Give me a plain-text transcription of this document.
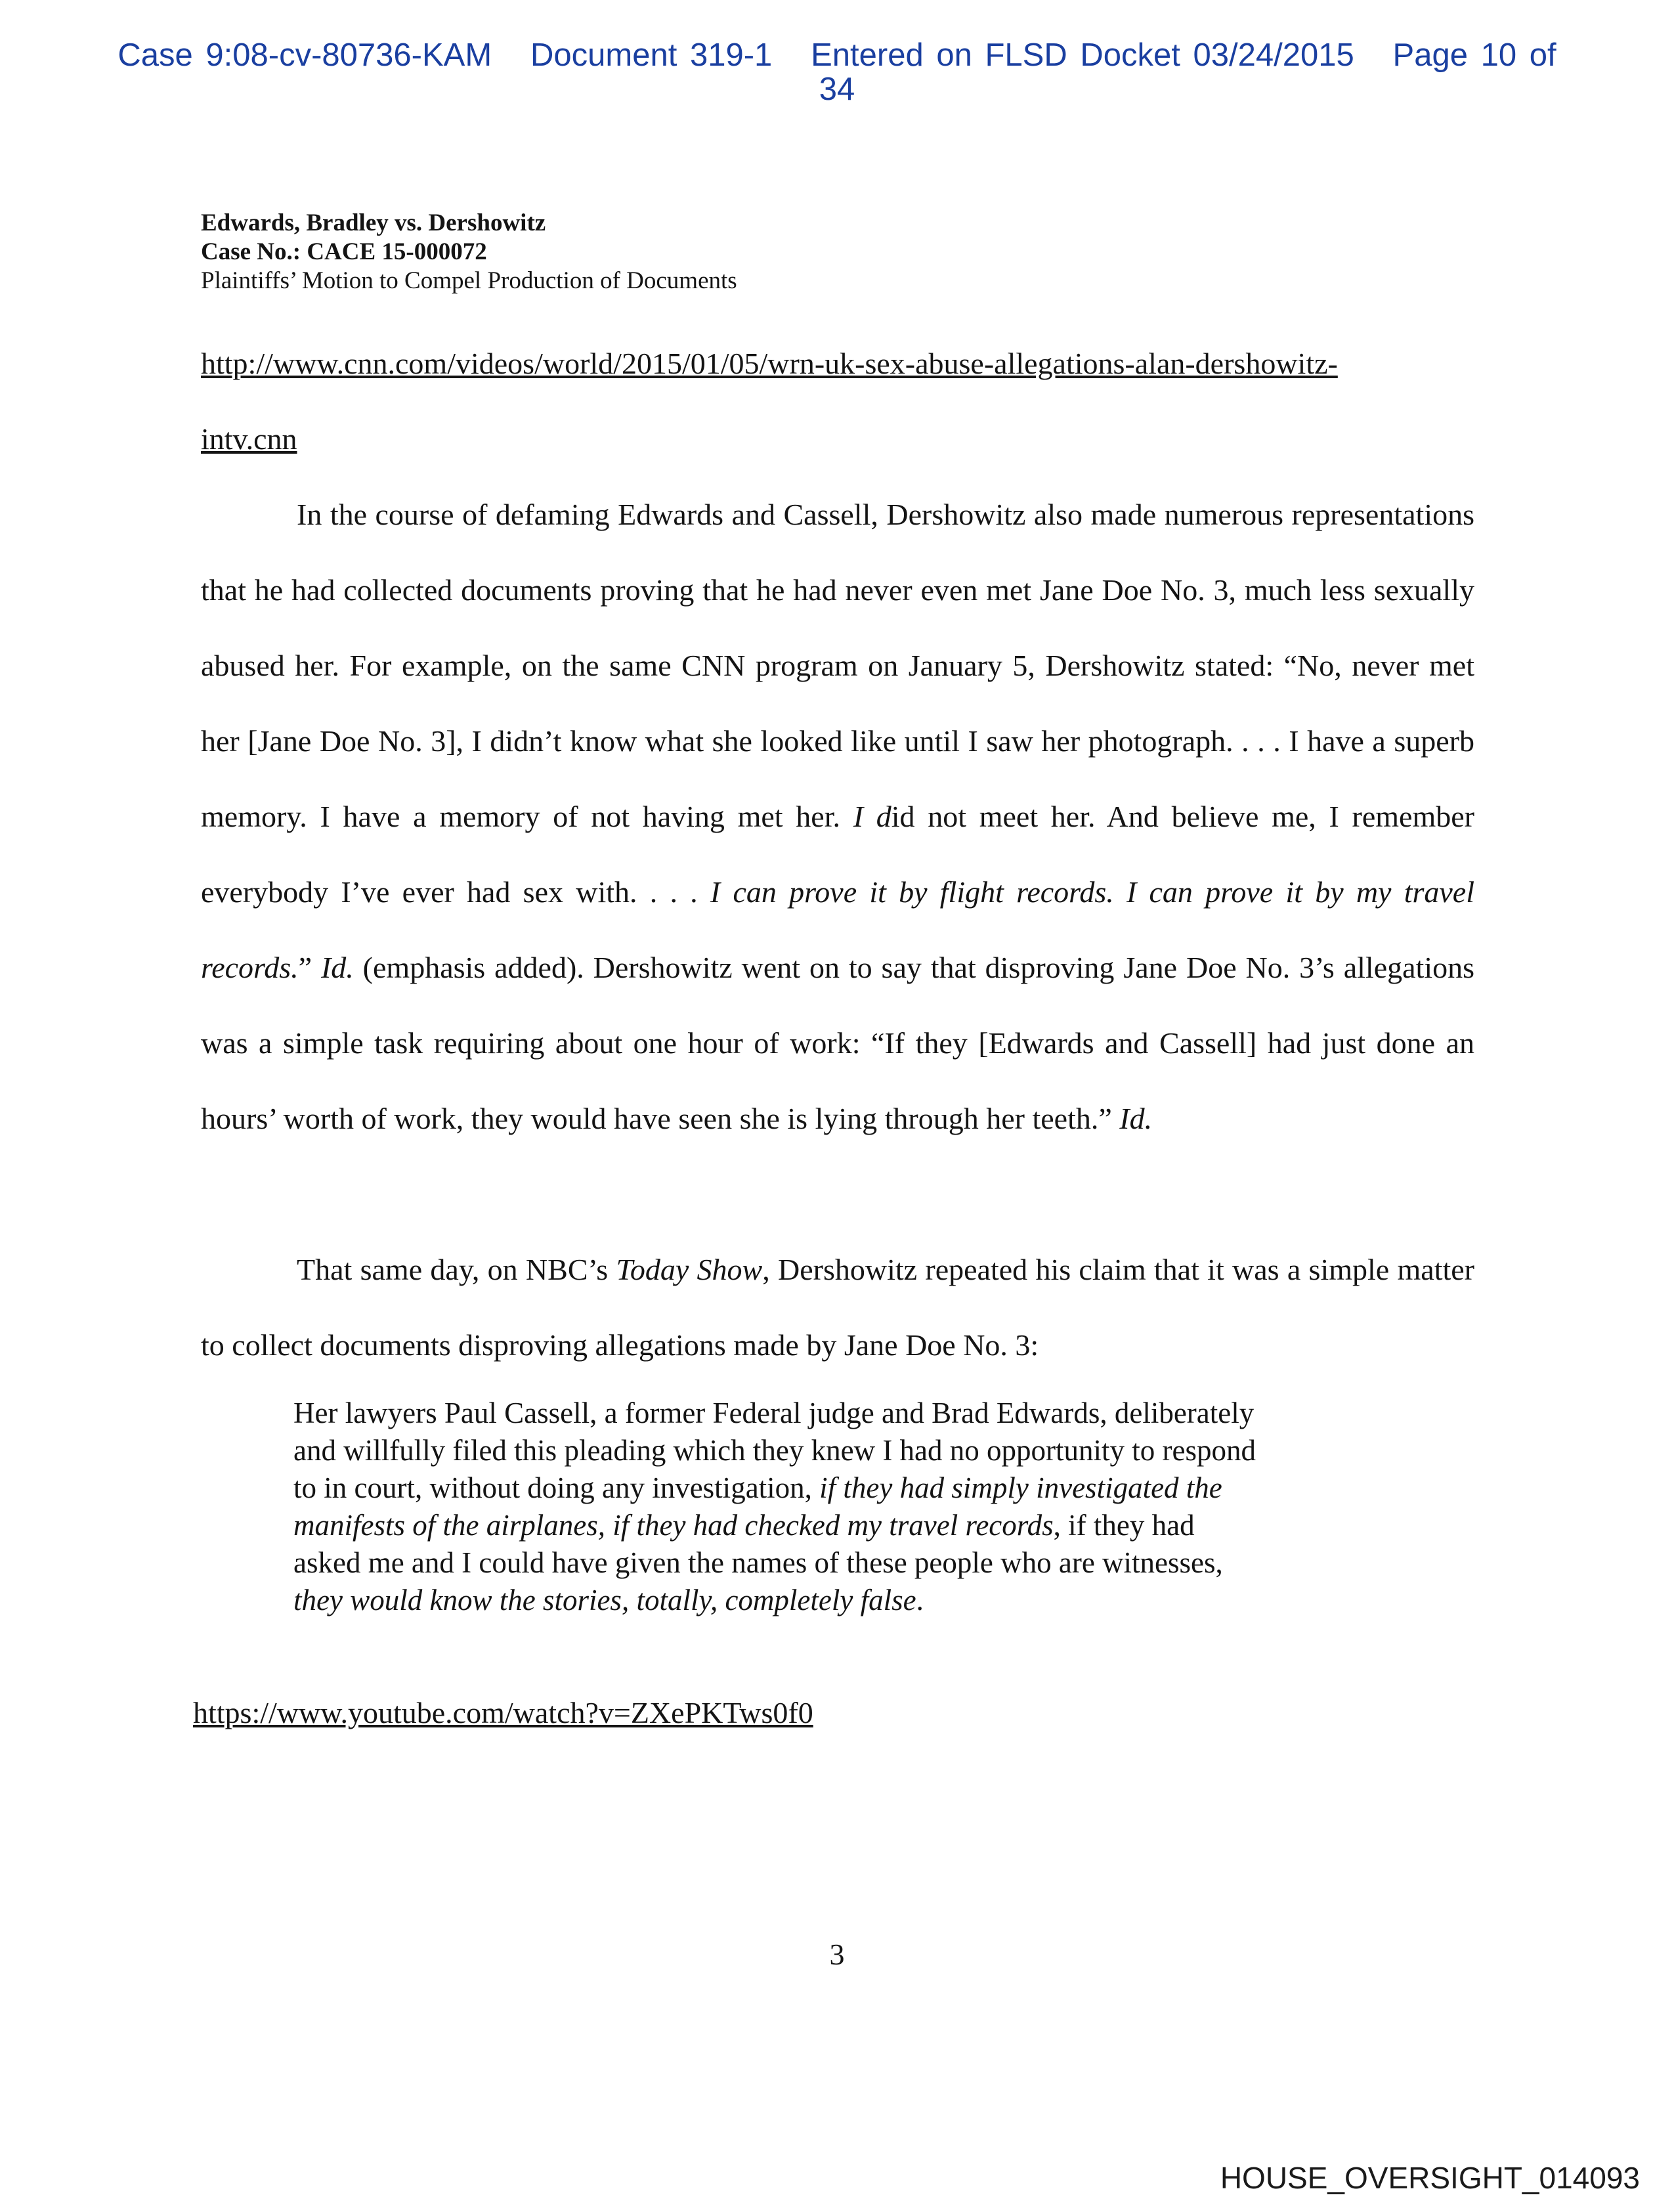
Case 9:08-cv-80736-KAM Document 319-1 Entered on FLSD Docket 03/24/2015 Page 10 of
34
Edwards, Bradley vs. Dershowitz
Case No.: CACE 15-000072
Plaintiffs’ Motion to Compel Production of Documents
http://www.cnn.com/videos/world/2015/01/05/wrn-uk-sex-abuse-allegations-alan-dershowitz-
intv.cnn

In the course of defaming Edwards and Cassell, Dershowitz also made numerous representations that he had collected documents proving that he had never even met Jane Doe No. 3, much less sexually abused her. For example, on the same CNN program on January 5, Dershowitz stated: “No, never met her [Jane Doe No. 3], I didn’t know what she looked like until I saw her photograph. . . . I have a superb memory. I have a memory of not having met her. I did not meet her. And believe me, I remember everybody I’ve ever had sex with. . . . I can prove it by flight records. I can prove it by my travel records.” Id. (emphasis added). Dershowitz went on to say that disproving Jane Doe No. 3’s allegations was a simple task requiring about one hour of work: “If they [Edwards and Cassell] had just done an hours’ worth of work, they would have seen she is lying through her teeth.” Id.

That same day, on NBC’s Today Show, Dershowitz repeated his claim that it was a simple matter to collect documents disproving allegations made by Jane Doe No. 3:

Her lawyers Paul Cassell, a former Federal judge and Brad Edwards, deliberately
and willfully filed this pleading which they knew I had no opportunity to respond
to in court, without doing any investigation, if they had simply investigated the
manifests of the airplanes, if they had checked my travel records, if they had
asked me and I could have given the names of these people who are witnesses,
they would know the stories, totally, completely false.
https://www.youtube.com/watch?v=ZXePKTws0f0
3
HOUSE_OVERSIGHT_014093
